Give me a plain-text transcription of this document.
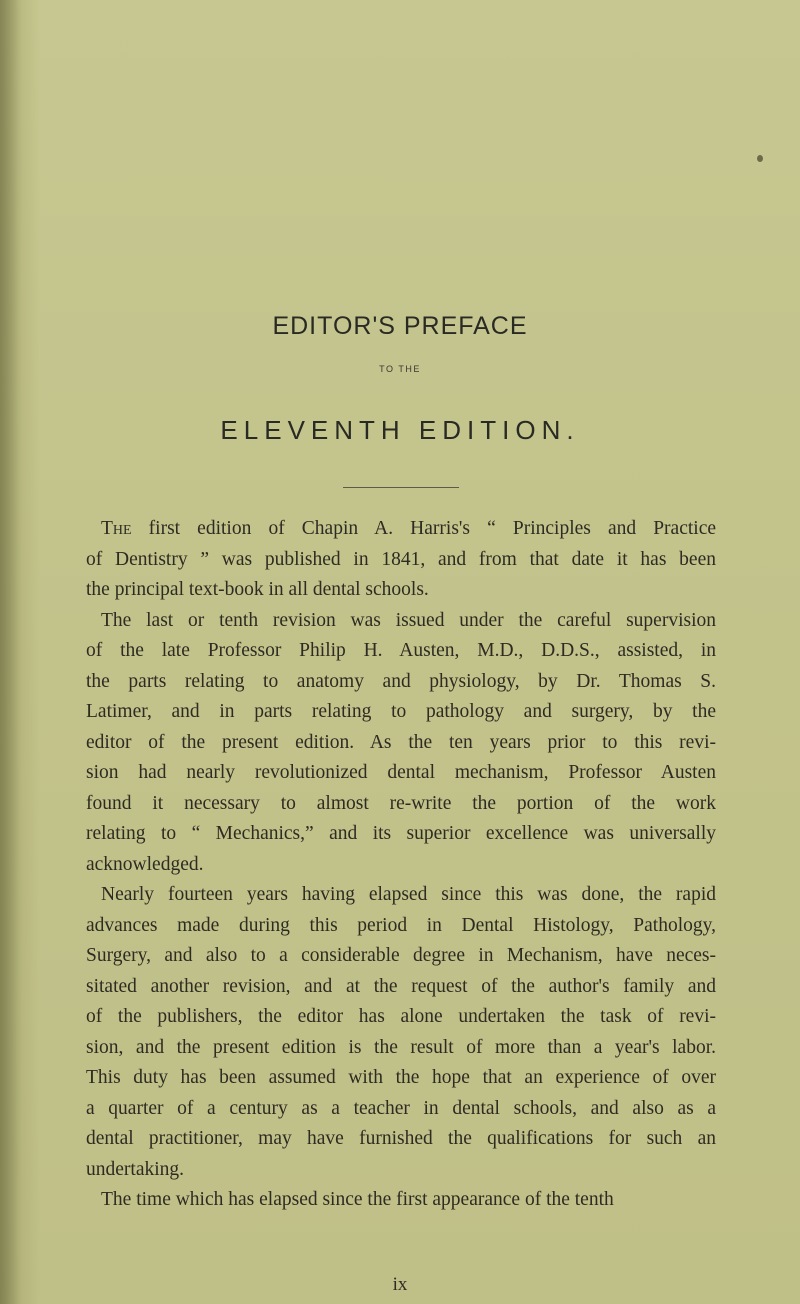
EDITOR'S PREFACE
TO THE
ELEVENTH EDITION.
The first edition of Chapin A. Harris's “ Principles and Practice
of Dentistry ” was published in 1841, and from that date it has been
the principal text-book in all dental schools.
The last or tenth revision was issued under the careful supervision
of the late Professor Philip H. Austen, M.D., D.D.S., assisted, in
the parts relating to anatomy and physiology, by Dr. Thomas S.
Latimer, and in parts relating to pathology and surgery, by the
editor of the present edition. As the ten years prior to this revi-
sion had nearly revolutionized dental mechanism, Professor Austen
found it necessary to almost re-write the portion of the work
relating to “ Mechanics,” and its superior excellence was universally
acknowledged.
Nearly fourteen years having elapsed since this was done, the rapid
advances made during this period in Dental Histology, Pathology,
Surgery, and also to a considerable degree in Mechanism, have neces-
sitated another revision, and at the request of the author's family and
of the publishers, the editor has alone undertaken the task of revi-
sion, and the present edition is the result of more than a year's labor.
This duty has been assumed with the hope that an experience of over
a quarter of a century as a teacher in dental schools, and also as a
dental practitioner, may have furnished the qualifications for such an
undertaking.
The time which has elapsed since the first appearance of the tenth
ix
